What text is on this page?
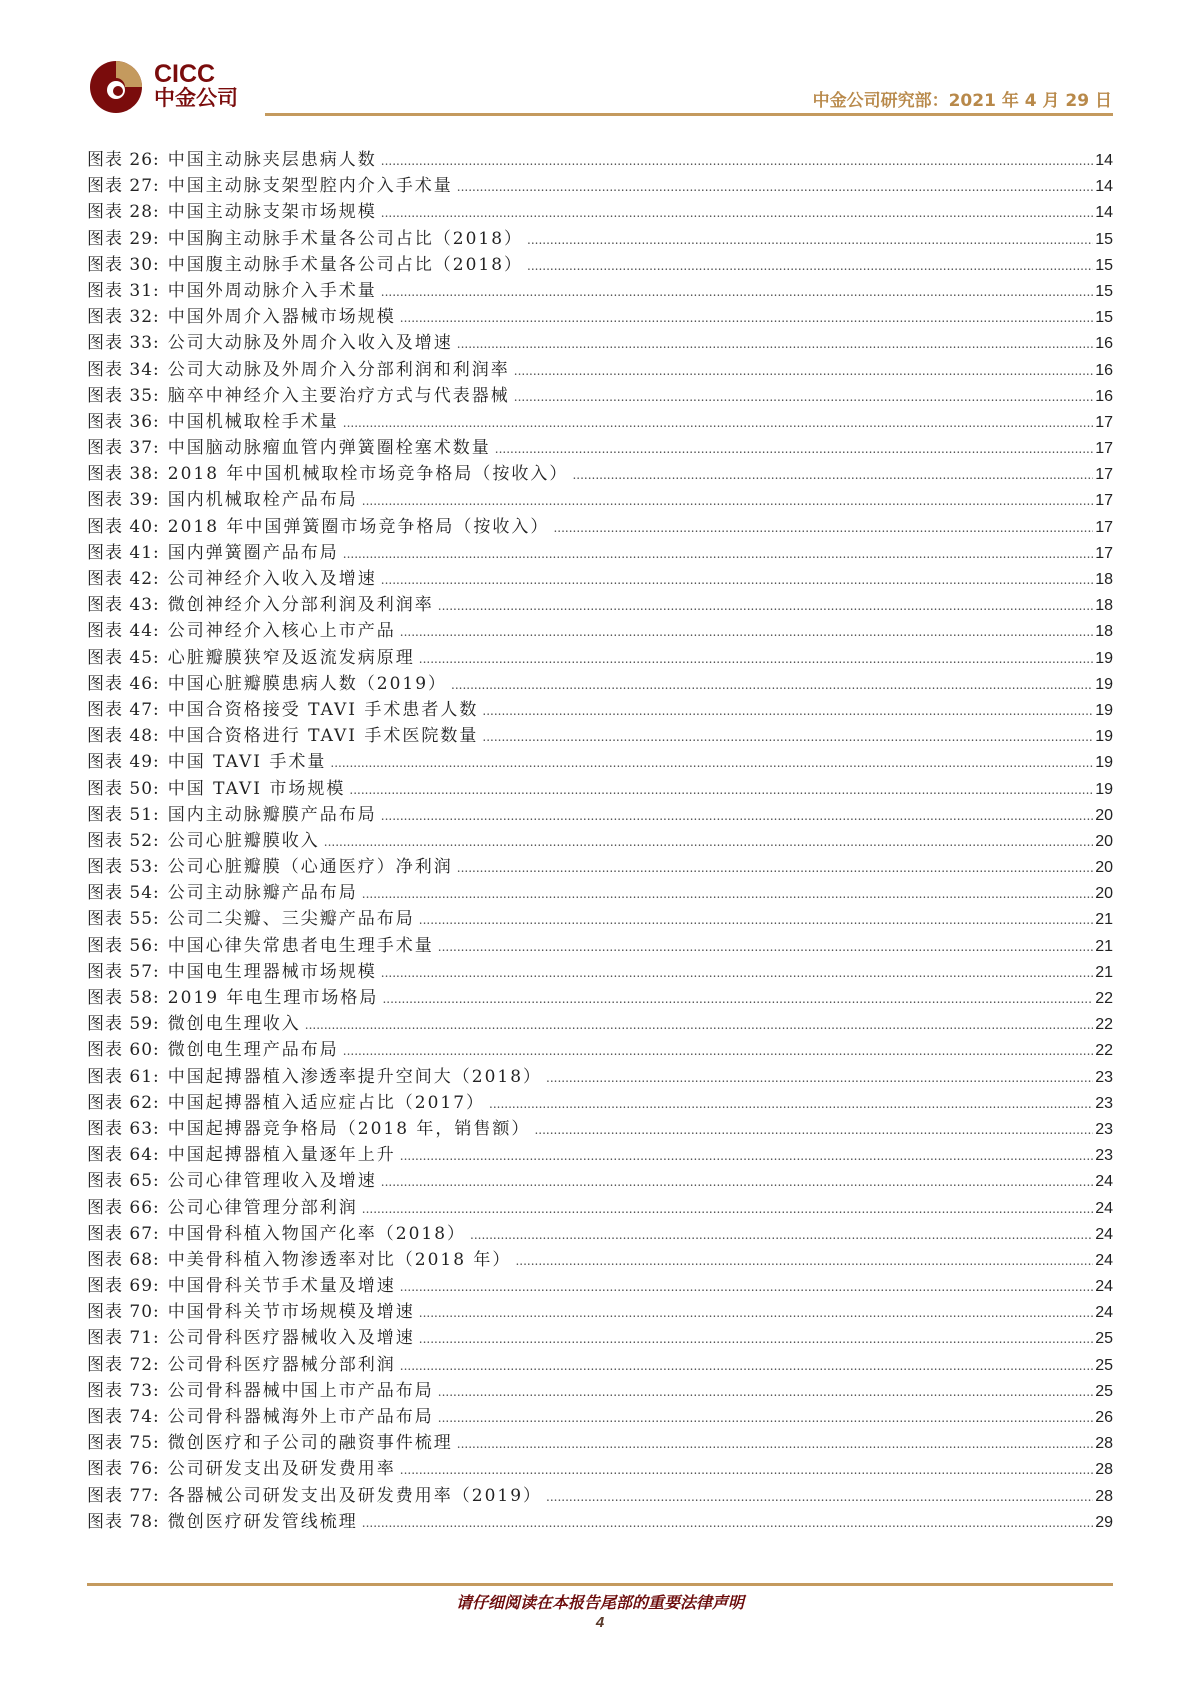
CICC
中金公司	中金公司研究部：2021 年 4 月 29 日
图表 26: 中国主动脉夹层患病人数 .....	14
图表 27: 中国主动脉支架型腔内介入手术量 .....	14
图表 28: 中国主动脉支架市场规模 .....	14
图表 29: 中国胸主动脉手术量各公司占比（2018） .....	15
图表 30: 中国腹主动脉手术量各公司占比（2018） .....	15
图表 31: 中国外周动脉介入手术量 .....	15
图表 32: 中国外周介入器械市场规模 .....	15
图表 33: 公司大动脉及外周介入收入及增速 .....	16
图表 34: 公司大动脉及外周介入分部利润和利润率 .....	16
图表 35: 脑卒中神经介入主要治疗方式与代表器械 .....	16
图表 36: 中国机械取栓手术量 .....	17
图表 37: 中国脑动脉瘤血管内弹簧圈栓塞术数量 .....	17
图表 38: 2018 年中国机械取栓市场竞争格局（按收入） .....	17
图表 39: 国内机械取栓产品布局 .....	17
图表 40: 2018 年中国弹簧圈市场竞争格局（按收入） .....	17
图表 41: 国内弹簧圈产品布局 .....	17
图表 42: 公司神经介入收入及增速 .....	18
图表 43: 微创神经介入分部利润及利润率 .....	18
图表 44: 公司神经介入核心上市产品 .....	18
图表 45: 心脏瓣膜狭窄及返流发病原理 .....	19
图表 46: 中国心脏瓣膜患病人数（2019） .....	19
图表 47: 中国合资格接受 TAVI 手术患者人数 .....	19
图表 48: 中国合资格进行 TAVI 手术医院数量 .....	19
图表 49: 中国 TAVI 手术量 .....	19
图表 50: 中国 TAVI 市场规模 .....	19
图表 51: 国内主动脉瓣膜产品布局 .....	20
图表 52: 公司心脏瓣膜收入 .....	20
图表 53: 公司心脏瓣膜（心通医疗）净利润 .....	20
图表 54: 公司主动脉瓣产品布局 .....	20
图表 55: 公司二尖瓣、三尖瓣产品布局 .....	21
图表 56: 中国心律失常患者电生理手术量 .....	21
图表 57: 中国电生理器械市场规模 .....	21
图表 58: 2019 年电生理市场格局 .....	22
图表 59: 微创电生理收入 .....	22
图表 60: 微创电生理产品布局 .....	22
图表 61: 中国起搏器植入渗透率提升空间大（2018） .....	23
图表 62: 中国起搏器植入适应症占比（2017） .....	23
图表 63: 中国起搏器竞争格局（2018 年，销售额） .....	23
图表 64: 中国起搏器植入量逐年上升 .....	23
图表 65: 公司心律管理收入及增速 .....	24
图表 66: 公司心律管理分部利润 .....	24
图表 67: 中国骨科植入物国产化率（2018） .....	24
图表 68: 中美骨科植入物渗透率对比（2018 年） .....	24
图表 69: 中国骨科关节手术量及增速 .....	24
图表 70: 中国骨科关节市场规模及增速 .....	24
图表 71: 公司骨科医疗器械收入及增速 .....	25
图表 72: 公司骨科医疗器械分部利润 .....	25
图表 73: 公司骨科器械中国上市产品布局 .....	25
图表 74: 公司骨科器械海外上市产品布局 .....	26
图表 75: 微创医疗和子公司的融资事件梳理 .....	28
图表 76: 公司研发支出及研发费用率 .....	28
图表 77: 各器械公司研发支出及研发费用率（2019） .....	28
图表 78: 微创医疗研发管线梳理 .....	29
请仔细阅读在本报告尾部的重要法律声明
4
